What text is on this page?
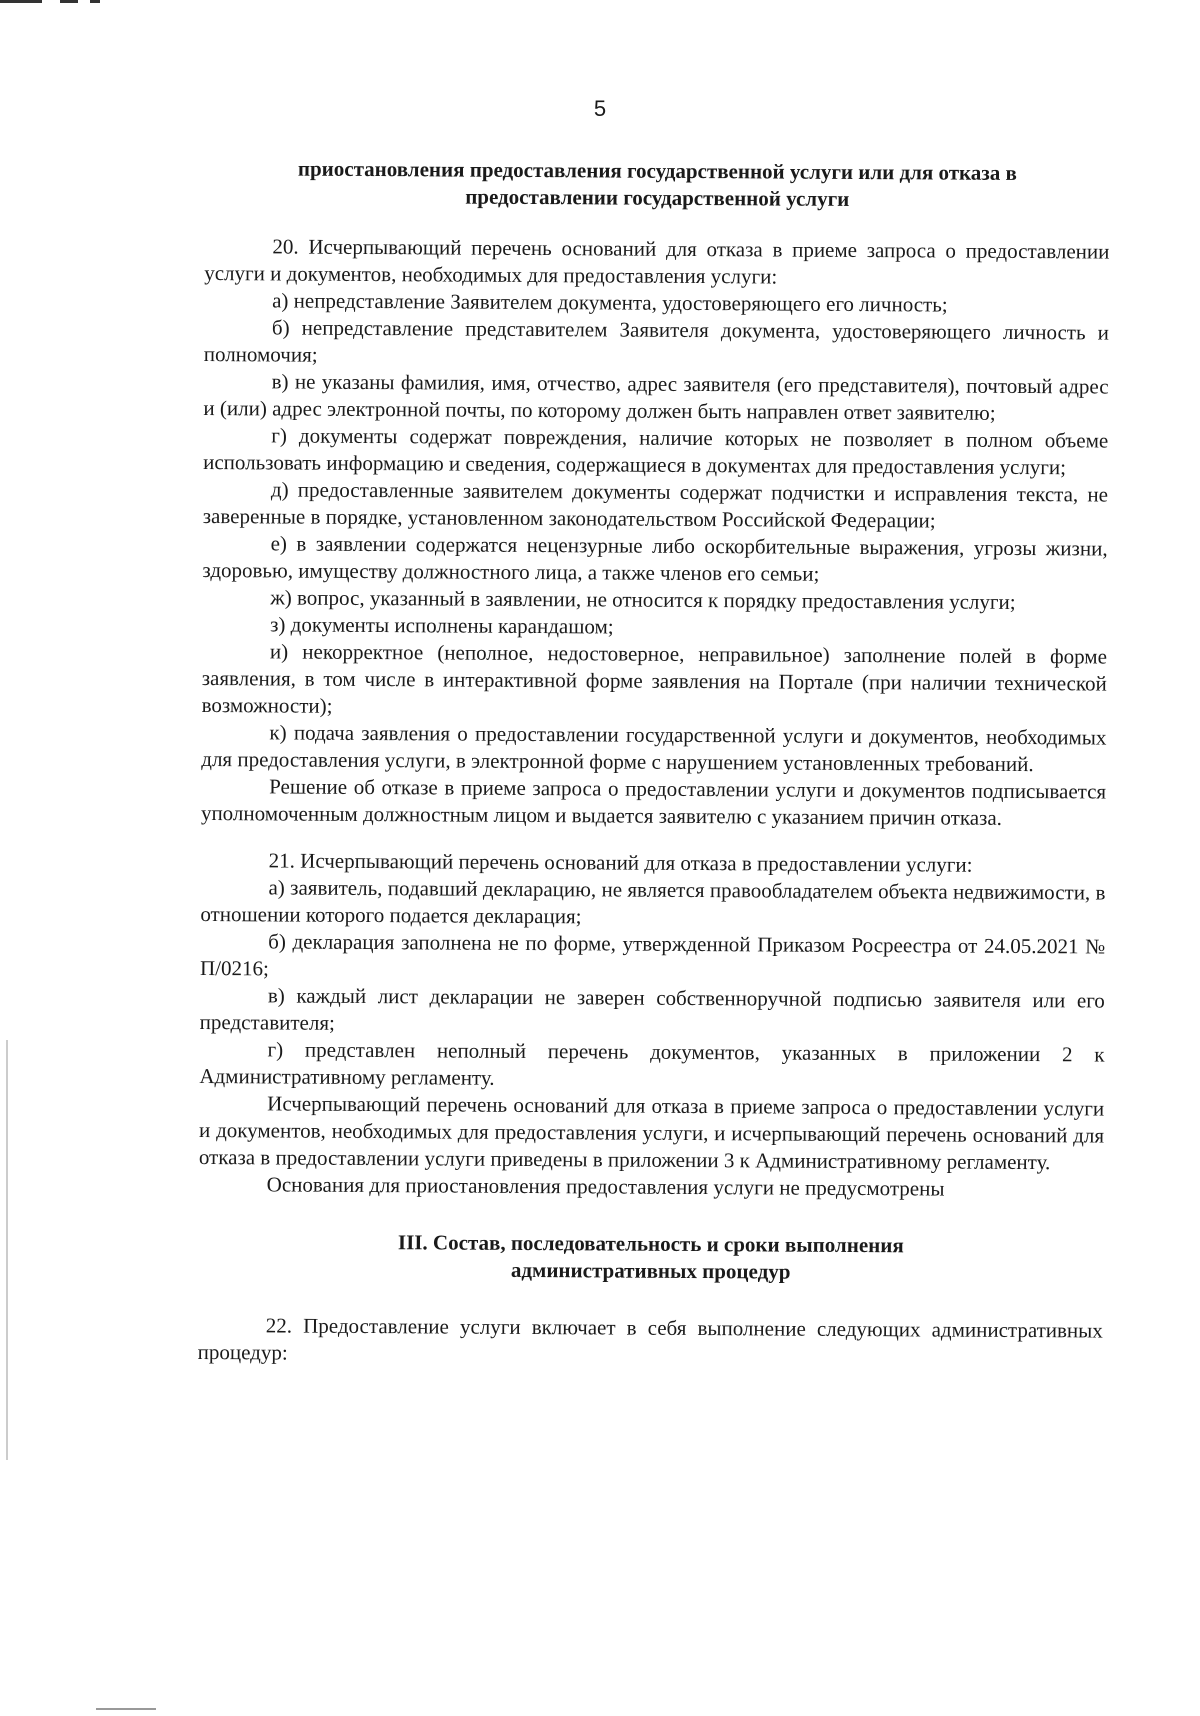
5
приостановления предоставления государственной услуги или для отказа в
предоставлении государственной услуги

20. Исчерпывающий перечень оснований для отказа в приеме запроса о предоставлении услуги и документов, необходимых для предоставления услуги:

а) непредставление Заявителем документа, удостоверяющего его личность;

б) непредставление представителем Заявителя документа, удостоверяющего личность и полномочия;

в) не указаны фамилия, имя, отчество, адрес заявителя (его представителя), почтовый адрес и (или) адрес электронной почты, по которому должен быть направлен ответ заявителю;

г) документы содержат повреждения, наличие которых не позволяет в полном объеме использовать информацию и сведения, содержащиеся в документах для предоставления услуги;

д) предоставленные заявителем документы содержат подчистки и исправления текста, не заверенные в порядке, установленном законодательством Российской Федерации;

е) в заявлении содержатся нецензурные либо оскорбительные выражения, угрозы жизни, здоровью, имуществу должностного лица, а также членов его семьи;

ж) вопрос, указанный в заявлении, не относится к порядку предоставления услуги;

з) документы исполнены карандашом;

и) некорректное (неполное, недостоверное, неправильное) заполнение полей в форме заявления, в том числе в интерактивной форме заявления на Портале (при наличии технической возможности);

к) подача заявления о предоставлении государственной услуги и документов, необходимых для предоставления услуги, в электронной форме с нарушением установленных требований.

Решение об отказе в приеме запроса о предоставлении услуги и документов подписывается уполномоченным должностным лицом и выдается заявителю с указанием причин отказа.

21. Исчерпывающий перечень оснований для отказа в предоставлении услуги:

а) заявитель, подавший декларацию, не является правообладателем объекта недвижимости, в отношении которого подается декларация;

б) декларация заполнена не по форме, утвержденной Приказом Росреестра от 24.05.2021 № П/0216;

в) каждый лист декларации не заверен собственноручной подписью заявителя или его представителя;

г) представлен неполный перечень документов, указанных в приложении 2 к Административному регламенту.

Исчерпывающий перечень оснований для отказа в приеме запроса о предоставлении услуги и документов, необходимых для предоставления услуги, и исчерпывающий перечень оснований для отказа в предоставлении услуги приведены в приложении 3 к Административному регламенту.

Основания для приостановления предоставления услуги не предусмотрены

III. Состав, последовательность и сроки выполнения
административных процедур

22. Предоставление услуги включает в себя выполнение следующих административных процедур:
